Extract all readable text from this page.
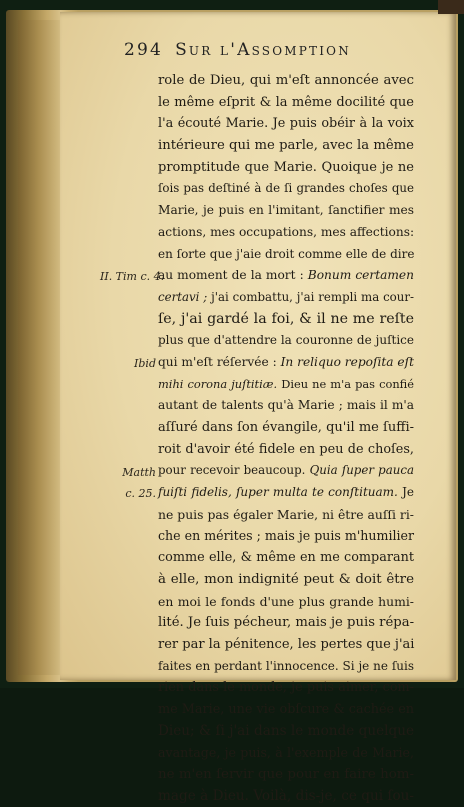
294 Sur l'Assomption
role de Dieu, qui m'eſt annoncée avec
le même eſprit & la même docilité que
l'a écouté Marie. Je puis obéir à la voix
intérieure qui me parle, avec la même
promptitude que Marie. Quoique je ne
ſois pas deſtiné à de ſi grandes choſes que
Marie, je puis en l'imitant, ſanctifier mes
actions, mes occupations, mes affections:
en ſorte que j'aie droit comme elle de dire
au moment de la mort : Bonum certamen
certavi ; j'ai combattu, j'ai rempli ma cour-
ſe, j'ai gardé la foi, & il ne me reſte
plus que d'attendre la couronne de juſtice
qui m'eſt réſervée : In reliquo repoſita eſt
mihi corona juſtitiæ. Dieu ne m'a pas confié
autant de talents qu'à Marie ; mais il m'a
aſſuré dans ſon évangile, qu'il me ſuffi-
roit d'avoir été fidele en peu de choſes,
pour recevoir beaucoup. Quia ſuper pauca
fuiſti fidelis, ſuper multa te conſtituam. Je
ne puis pas égaler Marie, ni être auſſi ri-
che en mérites ; mais je puis m'humilier
comme elle, & même en me comparant
à elle, mon indignité peut & doit être
en moi le fonds d'une plus grande humi-
lité. Je ſuis pécheur, mais je puis répa-
rer par la pénitence, les pertes que j'ai
faites en perdant l'innocence. Si je ne ſuis
rien dans le monde, je puis aimer, com-
me Marie, une vie obſcure & cachée en
Dieu; & ſi j'ai dans le monde quelque
avantage, je puis, à l'exemple de Marie,
ne m'en ſervir que pour en faire hom-
mage à Dieu. Voilà, dis-je, ce qui ſou-
II. Tim c. 4.
Ibid
Matth
c. 25.
